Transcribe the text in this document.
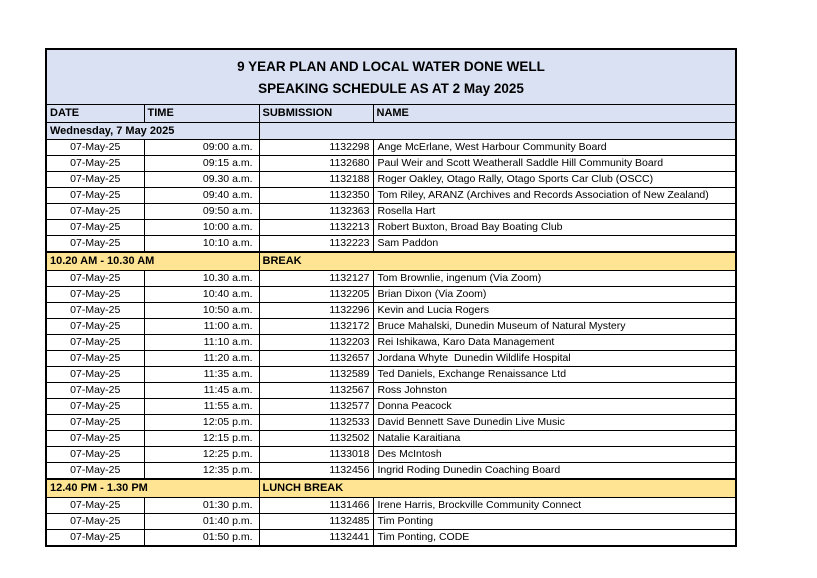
9 YEAR PLAN AND LOCAL WATER DONE WELL
SPEAKING SCHEDULE AS AT 2 May 2025			

DATE	TIME	SUBMISSION	NAME
Wednesday, 7 May 2025			
07-May-25	09:00 a.m.	1132298	Ange McErlane, West Harbour Community Board
07-May-25	09:15 a.m.	1132680	Paul Weir and Scott Weatherall Saddle Hill Community Board
07-May-25	09.30 a.m.	1132188	Roger Oakley, Otago Rally, Otago Sports Car Club (OSCC)
07-May-25	09:40 a.m.	1132350	Tom Riley, ARANZ (Archives and Records Association of New Zealand)
07-May-25	09:50 a.m.	1132363	Rosella Hart
07-May-25	10:00 a.m.	1132213	Robert Buxton, Broad Bay Boating Club
07-May-25	10:10 a.m.	1132223	Sam Paddon
10.20 AM - 10.30 AM		BREAK	
07-May-25	10.30 a.m.	1132127	Tom Brownlie, ingenum (Via Zoom)
07-May-25	10:40 a.m.	1132205	Brian Dixon (Via Zoom)
07-May-25	10:50 a.m.	1132296	Kevin and Lucia Rogers
07-May-25	11:00 a.m.	1132172	Bruce Mahalski, Dunedin Museum of Natural Mystery
07-May-25	11:10 a.m.	1132203	Rei Ishikawa, Karo Data Management
07-May-25	11:20 a.m.	1132657	Jordana Whyte  Dunedin Wildlife Hospital
07-May-25	11:35 a.m.	1132589	Ted Daniels, Exchange Renaissance Ltd
07-May-25	11:45 a.m.	1132567	Ross Johnston
07-May-25	11:55 a.m.	1132577	Donna Peacock
07-May-25	12:05 p.m.	1132533	David Bennett Save Dunedin Live Music
07-May-25	12:15 p.m.	1132502	Natalie Karaitiana
07-May-25	12:25 p.m.	1133018	Des McIntosh
07-May-25	12:35 p.m.	1132456	Ingrid Roding Dunedin Coaching Board
12.40 PM - 1.30 PM		LUNCH BREAK	
07-May-25	01:30 p.m.	1131466	Irene Harris, Brockville Community Connect
07-May-25	01:40 p.m.	1132485	Tim Ponting
07-May-25	01:50 p.m.	1132441	Tim Ponting, CODE
